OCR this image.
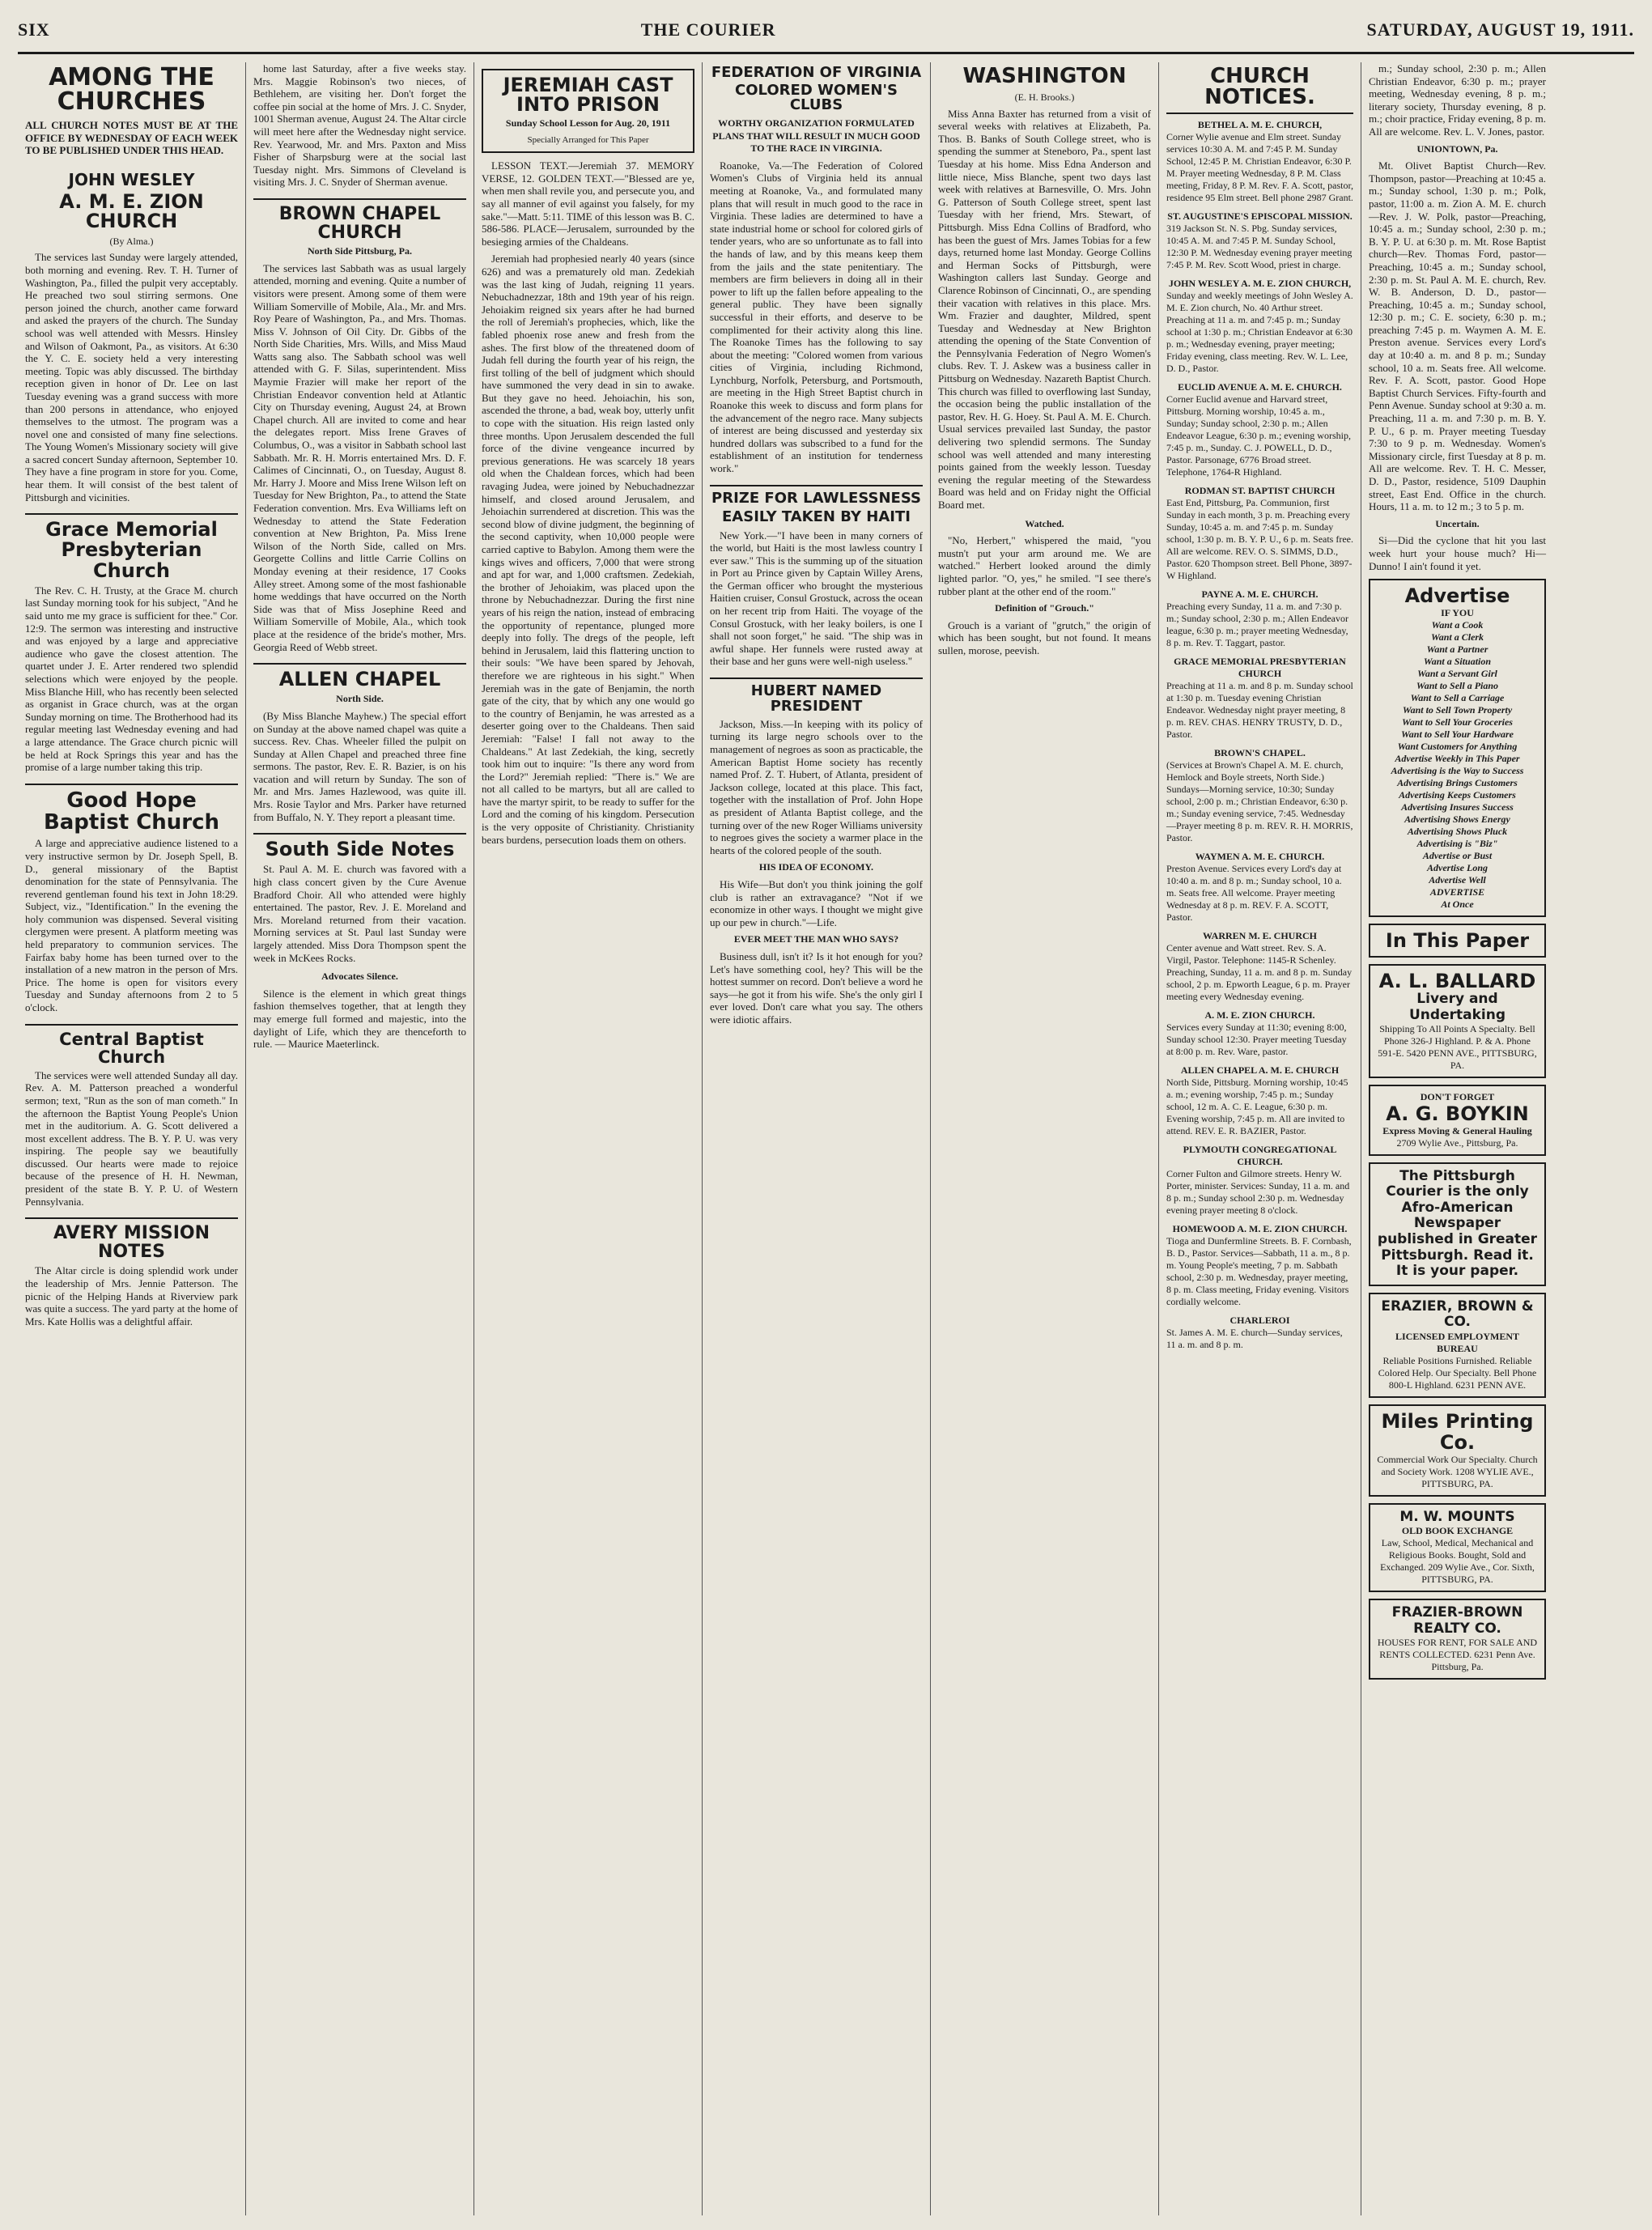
SIX	THE COURIER	SATURDAY, AUGUST 19, 1911.
AMONG THE CHURCHES
ALL CHURCH NOTES MUST BE AT THE OFFICE BY WEDNESDAY OF EACH WEEK TO BE PUBLISHED UNDER THIS HEAD.
JOHN WESLEY
A. M. E. ZION CHURCH
(By Alma.)

The services last Sunday were largely attended, both morning and evening. Rev. T. H. Turner of Washington, Pa., filled the pulpit very acceptably. He preached two soul stirring sermons. One person joined the church, another came forward and asked the prayers of the church. The Sunday school was well attended with Messrs. Hinsley and Wilson of Oakmont, Pa., as visitors. At 6:30 the Y. C. E. society held a very interesting meeting. Topic was ably discussed. The birthday reception given in honor of Dr. Lee on last Tuesday evening was a grand success with more than 200 persons in attendance, who enjoyed themselves to the utmost. The program was a novel one and consisted of many fine selections. The Young Women's Missionary society will give a sacred concert Sunday afternoon, September 10. They have a fine program in store for you. Come, hear them. It will consist of the best talent of Pittsburgh and vicinities.

Grace Memorial Presbyterian Church

The Rev. C. H. Trusty, at the Grace M. church last Sunday morning took for his subject, "And he said unto me my grace is sufficient for thee." Cor. 12:9. The sermon was interesting and instructive and was enjoyed by a large and appreciative audience who gave the closest attention. The quartet under J. E. Arter rendered two splendid selections which were enjoyed by the people. Miss Blanche Hill, who has recently been selected as organist in Grace church, was at the organ Sunday morning on time. The Brotherhood had its regular meeting last Wednesday evening and had a large attendance. The Grace church picnic will be held at Rock Springs this year and has the promise of a large number taking this trip.

Good Hope Baptist Church

A large and appreciative audience listened to a very instructive sermon by Dr. Joseph Spell, B. D., general missionary of the Baptist denomination for the state of Pennsylvania. The reverend gentleman found his text in John 18:29. Subject, viz., "Identification." In the evening the holy communion was dispensed. Several visiting clergymen were present. A platform meeting was held preparatory to communion services. The Fairfax baby home has been turned over to the installation of a new matron in the person of Mrs. Price. The home is open for visitors every Tuesday and Sunday afternoons from 2 to 5 o'clock.

Central Baptist Church

The services were well attended Sunday all day. Rev. A. M. Patterson preached a wonderful sermon; text, "Run as the son of man cometh." In the afternoon the Baptist Young People's Union met in the auditorium. A. G. Scott delivered a most excellent address. The B. Y. P. U. was very inspiring. The people say we beautifully discussed. Our hearts were made to rejoice because of the presence of H. H. Newman, president of the state B. Y. P. U. of Western Pennsylvania.

AVERY MISSION NOTES

The Altar circle is doing splendid work under the leadership of Mrs. Jennie Patterson. The picnic of the Helping Hands at Riverview park was quite a success. The yard party at the home of Mrs. Kate Hollis was a delightful affair.

home last Saturday, after a five weeks stay. Mrs. Maggie Robinson's two nieces, of Bethlehem, are visiting her. Don't forget the coffee pin social at the home of Mrs. J. C. Snyder, 1001 Sherman avenue, August 24. The Altar circle will meet here after the Wednesday night service. Rev. Yearwood, Mr. and Mrs. Paxton and Miss Fisher of Sharpsburg were at the social last Tuesday night. Mrs. Simmons of Cleveland is visiting Mrs. J. C. Snyder of Sherman avenue.

BROWN CHAPEL CHURCH
North Side Pittsburg, Pa.

The services last Sabbath was as usual largely attended, morning and evening. Quite a number of visitors were present. Among some of them were William Somerville of Mobile, Ala., Mr. and Mrs. Roy Peare of Washington, Pa., and Mrs. Thomas. Miss V. Johnson of Oil City. Dr. Gibbs of the North Side Charities, Mrs. Wills, and Miss Maud Watts sang also. The Sabbath school was well attended with G. F. Silas, superintendent. Miss Maymie Frazier will make her report of the Christian Endeavor convention held at Atlantic City on Thursday evening, August 24, at Brown Chapel church. All are invited to come and hear the delegates report. Miss Irene Graves of Columbus, O., was a visitor in Sabbath school last Sabbath. Mr. R. H. Morris entertained Mrs. D. F. Calimes of Cincinnati, O., on Tuesday, August 8. Mr. Harry J. Moore and Miss Irene Wilson left on Tuesday for New Brighton, Pa., to attend the State Federation convention. Mrs. Eva Williams left on Wednesday to attend the State Federation convention at New Brighton, Pa. Miss Irene Wilson of the North Side, called on Mrs. Georgette Collins and little Carrie Collins on Monday evening at their residence, 17 Cooks Alley street. Among some of the most fashionable home weddings that have occurred on the North Side was that of Miss Josephine Reed and William Somerville of Mobile, Ala., which took place at the residence of the bride's mother, Mrs. Georgia Reed of Webb street.

ALLEN CHAPEL
North Side.

(By Miss Blanche Mayhew.) The special effort on Sunday at the above named chapel was quite a success. Rev. Chas. Wheeler filled the pulpit on Sunday at Allen Chapel and preached three fine sermons. The pastor, Rev. E. R. Bazier, is on his vacation and will return by Sunday. The son of Mr. and Mrs. James Hazlewood, was quite ill. Mrs. Rosie Taylor and Mrs. Parker have returned from Buffalo, N. Y. They report a pleasant time.

South Side Notes

St. Paul A. M. E. church was favored with a high class concert given by the Cure Avenue Bradford Choir. All who attended were highly entertained. The pastor, Rev. J. E. Moreland and Mrs. Moreland returned from their vacation. Morning services at St. Paul last Sunday were largely attended. Miss Dora Thompson spent the week in McKees Rocks.

Advocates Silence.

Silence is the element in which great things fashion themselves together, that at length they may emerge full formed and majestic, into the daylight of Life, which they are thenceforth to rule. — Maurice Maeterlinck.

JEREMIAH CAST
INTO PRISON
Sunday School Lesson for Aug. 20, 1911
Specially Arranged for This Paper

LESSON TEXT.—Jeremiah 37. MEMORY VERSE, 12. GOLDEN TEXT.—"Blessed are ye, when men shall revile you, and persecute you, and say all manner of evil against you falsely, for my sake."—Matt. 5:11. TIME of this lesson was B. C. 586-586. PLACE—Jerusalem, surrounded by the besieging armies of the Chaldeans.

Jeremiah had prophesied nearly 40 years (since 626) and was a prematurely old man. Zedekiah was the last king of Judah, reigning 11 years. Nebuchadnezzar, 18th and 19th year of his reign. Jehoiakim reigned six years after he had burned the roll of Jeremiah's prophecies, which, like the fabled phoenix rose anew and fresh from the ashes. The first blow of the threatened doom of Judah fell during the fourth year of his reign, the first tolling of the bell of judgment which should have summoned the very dead in sin to awake. But they gave no heed. Jehoiachin, his son, ascended the throne, a bad, weak boy, utterly unfit to cope with the situation. His reign lasted only three months. Upon Jerusalem descended the full force of the divine vengeance incurred by previous generations. He was scarcely 18 years old when the Chaldean forces, which had been ravaging Judea, were joined by Nebuchadnezzar himself, and closed around Jerusalem, and Jehoiachin surrendered at discretion. This was the second blow of divine judgment, the beginning of the second captivity, when 10,000 people were carried captive to Babylon. Among them were the kings wives and officers, 7,000 that were strong and apt for war, and 1,000 craftsmen. Zedekiah, the brother of Jehoiakim, was placed upon the throne by Nebuchadnezzar. During the first nine years of his reign the nation, instead of embracing the opportunity of repentance, plunged more deeply into folly. The dregs of the people, left behind in Jerusalem, laid this flattering unction to their souls: "We have been spared by Jehovah, therefore we are righteous in his sight." When Jeremiah was in the gate of Benjamin, the north gate of the city, that by which any one would go to the country of Benjamin, he was arrested as a deserter going over to the Chaldeans. Then said Jeremiah: "False! I fall not away to the Chaldeans." At last Zedekiah, the king, secretly took him out to inquire: "Is there any word from the Lord?" Jeremiah replied: "There is." We are not all called to be martyrs, but all are called to have the martyr spirit, to be ready to suffer for the Lord and the coming of his kingdom. Persecution is the very opposite of Christianity. Christianity bears burdens, persecution loads them on others.

FEDERATION OF VIRGINIA
COLORED WOMEN'S CLUBS
WORTHY ORGANIZATION FORMULATED PLANS THAT WILL RESULT IN MUCH GOOD TO THE RACE IN VIRGINIA.

Roanoke, Va.—The Federation of Colored Women's Clubs of Virginia held its annual meeting at Roanoke, Va., and formulated many plans that will result in much good to the race in Virginia. These ladies are determined to have a state industrial home or school for colored girls of tender years, who are so unfortunate as to fall into the hands of law, and by this means keep them from the jails and the state penitentiary. The members are firm believers in doing all in their power to lift up the fallen before appealing to the general public. They have been signally successful in their efforts, and deserve to be complimented for their activity along this line. The Roanoke Times has the following to say about the meeting: "Colored women from various cities of Virginia, including Richmond, Lynchburg, Norfolk, Petersburg, and Portsmouth, are meeting in the High Street Baptist church in Roanoke this week to discuss and form plans for the advancement of the negro race. Many subjects of interest are being discussed and yesterday six hundred dollars was subscribed to a fund for the establishment of an institution for tenderness work."

PRIZE FOR LAWLESSNESS
EASILY TAKEN BY HAITI

New York.—"I have been in many corners of the world, but Haiti is the most lawless country I ever saw." This is the summing up of the situation in Port au Prince given by Captain Willey Arens, the German officer who brought the mysterious Haitien cruiser, Consul Grostuck, across the ocean on her recent trip from Haiti. The voyage of the Consul Grostuck, with her leaky boilers, is one I shall not soon forget," he said. "The ship was in awful shape. Her funnels were rusted away at their base and her guns were well-nigh useless."

HUBERT NAMED PRESIDENT

Jackson, Miss.—In keeping with its policy of turning its large negro schools over to the management of negroes as soon as practicable, the American Baptist Home society has recently named Prof. Z. T. Hubert, of Atlanta, president of Jackson college, located at this place. This fact, together with the installation of Prof. John Hope as president of Atlanta Baptist college, and the turning over of the new Roger Williams university to negroes gives the society a warmer place in the hearts of the colored people of the south.

HIS IDEA OF ECONOMY.

His Wife—But don't you think joining the golf club is rather an extravagance? "Not if we economize in other ways. I thought we might give up our pew in church."—Life.

EVER MEET THE MAN WHO SAYS?

Business dull, isn't it? Is it hot enough for you? Let's have something cool, hey? This will be the hottest summer on record. Don't believe a word he says—he got it from his wife. She's the only girl I ever loved. Don't care what you say. The others were idiotic affairs.

WASHINGTON
(E. H. Brooks.)

Miss Anna Baxter has returned from a visit of several weeks with relatives at Elizabeth, Pa. Thos. B. Banks of South College street, who is spending the summer at Steneboro, Pa., spent last Tuesday at his home. Miss Edna Anderson and little niece, Miss Blanche, spent two days last week with relatives at Barnesville, O. Mrs. John G. Patterson of South College street, spent last Tuesday with her friend, Mrs. Stewart, of Pittsburgh. Miss Edna Collins of Bradford, who has been the guest of Mrs. James Tobias for a few days, returned home last Monday. George Collins and Herman Socks of Pittsburgh, were Washington callers last Sunday. George and Clarence Robinson of Cincinnati, O., are spending their vacation with relatives in this place. Mrs. Wm. Frazier and daughter, Mildred, spent Tuesday and Wednesday at New Brighton attending the opening of the State Convention of the Pennsylvania Federation of Negro Women's clubs. Rev. T. J. Askew was a business caller in Pittsburg on Wednesday. Nazareth Baptist Church. This church was filled to overflowing last Sunday, the occasion being the public installation of the pastor, Rev. H. G. Hoey. St. Paul A. M. E. Church. Usual services prevailed last Sunday, the pastor delivering two splendid sermons. The Sunday school was well attended and many interesting points gained from the weekly lesson. Tuesday evening the regular meeting of the Stewardess Board was held and on Friday night the Official Board met.

Watched.

"No, Herbert," whispered the maid, "you mustn't put your arm around me. We are watched." Herbert looked around the dimly lighted parlor. "O, yes," he smiled. "I see there's rubber plant at the other end of the room."

Definition of "Grouch."

Grouch is a variant of "grutch," the origin of which has been sought, but not found. It means sullen, morose, peevish.

CHURCH NOTICES.
BETHEL A. M. E. CHURCH,
Corner Wylie avenue and Elm street. Sunday services 10:30 A. M. and 7:45 P. M. Sunday School, 12:45 P. M. Christian Endeavor, 6:30 P. M. Prayer meeting Wednesday, 8 P. M. Class meeting, Friday, 8 P. M. Rev. F. A. Scott, pastor, residence 95 Elm street. Bell phone 2987 Grant.
ST. AUGUSTINE'S EPISCOPAL MISSION.
319 Jackson St. N. S. Pbg. Sunday services, 10:45 A. M. and 7:45 P. M. Sunday School, 12:30 P. M. Wednesday evening prayer meeting 7:45 P. M. Rev. Scott Wood, priest in charge.
JOHN WESLEY A. M. E. ZION CHURCH,
Sunday and weekly meetings of John Wesley A. M. E. Zion church, No. 40 Arthur street. Preaching at 11 a. m. and 7:45 p. m.; Sunday school at 1:30 p. m.; Christian Endeavor at 6:30 p. m.; Wednesday evening, prayer meeting; Friday evening, class meeting. Rev. W. L. Lee, D. D., Pastor.
EUCLID AVENUE A. M. E. CHURCH.
Corner Euclid avenue and Harvard street, Pittsburg. Morning worship, 10:45 a. m., Sunday; Sunday school, 2:30 p. m.; Allen Endeavor League, 6:30 p. m.; evening worship, 7:45 p. m., Sunday. C. J. POWELL, D. D., Pastor. Parsonage, 6776 Broad street. Telephone, 1764-R Highland.
RODMAN ST. BAPTIST CHURCH
East End, Pittsburg, Pa. Communion, first Sunday in each month, 3 p. m. Preaching every Sunday, 10:45 a. m. and 7:45 p. m. Sunday school, 1:30 p. m. B. Y. P. U., 6 p. m. Seats free. All are welcome. REV. O. S. SIMMS, D.D., Pastor. 620 Thompson street. Bell Phone, 3897-W Highland.
PAYNE A. M. E. CHURCH.
Preaching every Sunday, 11 a. m. and 7:30 p. m.; Sunday school, 2:30 p. m.; Allen Endeavor league, 6:30 p. m.; prayer meeting Wednesday, 8 p. m. Rev. T. Taggart, pastor.
GRACE MEMORIAL PRESBYTERIAN CHURCH
Preaching at 11 a. m. and 8 p. m. Sunday school at 1:30 p. m. Tuesday evening Christian Endeavor. Wednesday night prayer meeting, 8 p. m. REV. CHAS. HENRY TRUSTY, D. D., Pastor.
BROWN'S CHAPEL.
(Services at Brown's Chapel A. M. E. church, Hemlock and Boyle streets, North Side.) Sundays—Morning service, 10:30; Sunday school, 2:00 p. m.; Christian Endeavor, 6:30 p. m.; Sunday evening service, 7:45. Wednesday—Prayer meeting 8 p. m. REV. R. H. MORRIS, Pastor.
WAYMEN A. M. E. CHURCH.
Preston Avenue. Services every Lord's day at 10:40 a. m. and 8 p. m.; Sunday school, 10 a. m. Seats free. All welcome. Prayer meeting Wednesday at 8 p. m. REV. F. A. SCOTT, Pastor.
WARREN M. E. CHURCH
Center avenue and Watt street. Rev. S. A. Virgil, Pastor. Telephone: 1145-R Schenley. Preaching, Sunday, 11 a. m. and 8 p. m. Sunday school, 2 p. m. Epworth League, 6 p. m. Prayer meeting every Wednesday evening.
A. M. E. ZION CHURCH.
Services every Sunday at 11:30; evening 8:00, Sunday school 12:30. Prayer meeting Tuesday at 8:00 p. m. Rev. Ware, pastor.
ALLEN CHAPEL A. M. E. CHURCH
North Side, Pittsburg. Morning worship, 10:45 a. m.; evening worship, 7:45 p. m.; Sunday school, 12 m. A. C. E. League, 6:30 p. m. Evening worship, 7:45 p. m. All are invited to attend. REV. E. R. BAZIER, Pastor.
PLYMOUTH CONGREGATIONAL CHURCH.
Corner Fulton and Gilmore streets. Henry W. Porter, minister. Services: Sunday, 11 a. m. and 8 p. m.; Sunday school 2:30 p. m. Wednesday evening prayer meeting 8 o'clock.
HOMEWOOD A. M. E. ZION CHURCH.
Tioga and Dunfermline Streets. B. F. Cornbash, B. D., Pastor. Services—Sabbath, 11 a. m., 8 p. m. Young People's meeting, 7 p. m. Sabbath school, 2:30 p. m. Wednesday, prayer meeting, 8 p. m. Class meeting, Friday evening. Visitors cordially welcome.
CHARLEROI
St. James A. M. E. church—Sunday services, 11 a. m. and 8 p. m.

m.; Sunday school, 2:30 p. m.; Allen Christian Endeavor, 6:30 p. m.; prayer meeting, Wednesday evening, 8 p. m.; literary society, Thursday evening, 8 p. m.; choir practice, Friday evening, 8 p. m. All are welcome. Rev. L. V. Jones, pastor.

UNIONTOWN, Pa.

Mt. Olivet Baptist Church—Rev. Thompson, pastor—Preaching at 10:45 a. m.; Sunday school, 1:30 p. m.; Polk, pastor, 11:00 a. m. Zion A. M. E. church—Rev. J. W. Polk, pastor—Preaching, 10:45 a. m.; Sunday school, 2:30 p. m.; B. Y. P. U. at 6:30 p. m. Mt. Rose Baptist church—Rev. Thomas Ford, pastor—Preaching, 10:45 a. m.; Sunday school, 2:30 p. m. St. Paul A. M. E. church, Rev. W. B. Anderson, D. D., pastor—Preaching, 10:45 a. m.; Sunday school, 12:30 p. m.; C. E. society, 6:30 p. m.; preaching 7:45 p. m. Waymen A. M. E. Preston avenue. Services every Lord's day at 10:40 a. m. and 8 p. m.; Sunday school, 10 a. m. Seats free. All welcome. Rev. F. A. Scott, pastor. Good Hope Baptist Church Services. Fifty-fourth and Penn Avenue. Sunday school at 9:30 a. m. Preaching, 11 a. m. and 7:30 p. m. B. Y. P. U., 6 p. m. Prayer meeting Tuesday 7:30 to 9 p. m. Wednesday. Women's Missionary circle, first Tuesday at 8 p. m. All are welcome. Rev. T. H. C. Messer, D. D., Pastor, residence, 5109 Dauphin street, East End. Office in the church. Hours, 11 a. m. to 12 m.; 3 to 5 p. m.

Uncertain.

Si—Did the cyclone that hit you last week hurt your house much? Hi—Dunno! I ain't found it yet.

Advertise
IF YOU
Want a Cook
Want a Clerk
Want a Partner
Want a Situation
Want a Servant Girl
Want to Sell a Piano
Want to Sell a Carriage
Want to Sell Town Property
Want to Sell Your Groceries
Want to Sell Your Hardware
Want Customers for Anything
Advertise Weekly in This Paper
Advertising is the Way to Success
Advertising Brings Customers
Advertising Keeps Customers
Advertising Insures Success
Advertising Shows Energy
Advertising Shows Pluck
Advertising is "Biz"
Advertise or Bust
Advertise Long
Advertise Well
ADVERTISE
At Once
In This Paper
A. L. BALLARD
Livery and Undertaking
Shipping To All Points A Specialty. Bell Phone 326-J Highland. P. & A. Phone 591-E. 5420 PENN AVE., PITTSBURG, PA.
DON'T FORGET
A. G. BOYKIN
Express Moving & General Hauling
2709 Wylie Ave., Pittsburg, Pa.
The Pittsburgh Courier is the only Afro-American Newspaper published in Greater Pittsburgh. Read it. It is your paper.
ERAZIER, BROWN & CO.
LICENSED EMPLOYMENT BUREAU
Reliable Positions Furnished. Reliable Colored Help. Our Specialty. Bell Phone 800-L Highland. 6231 PENN AVE.
Miles Printing Co.
Commercial Work Our Specialty. Church and Society Work. 1208 WYLIE AVE., PITTSBURG, PA.
M. W. MOUNTS
OLD BOOK EXCHANGE
Law, School, Medical, Mechanical and Religious Books. Bought, Sold and Exchanged. 209 Wylie Ave., Cor. Sixth, PITTSBURG, PA.
FRAZIER-BROWN REALTY CO.
HOUSES FOR RENT, FOR SALE AND RENTS COLLECTED. 6231 Penn Ave. Pittsburg, Pa.
